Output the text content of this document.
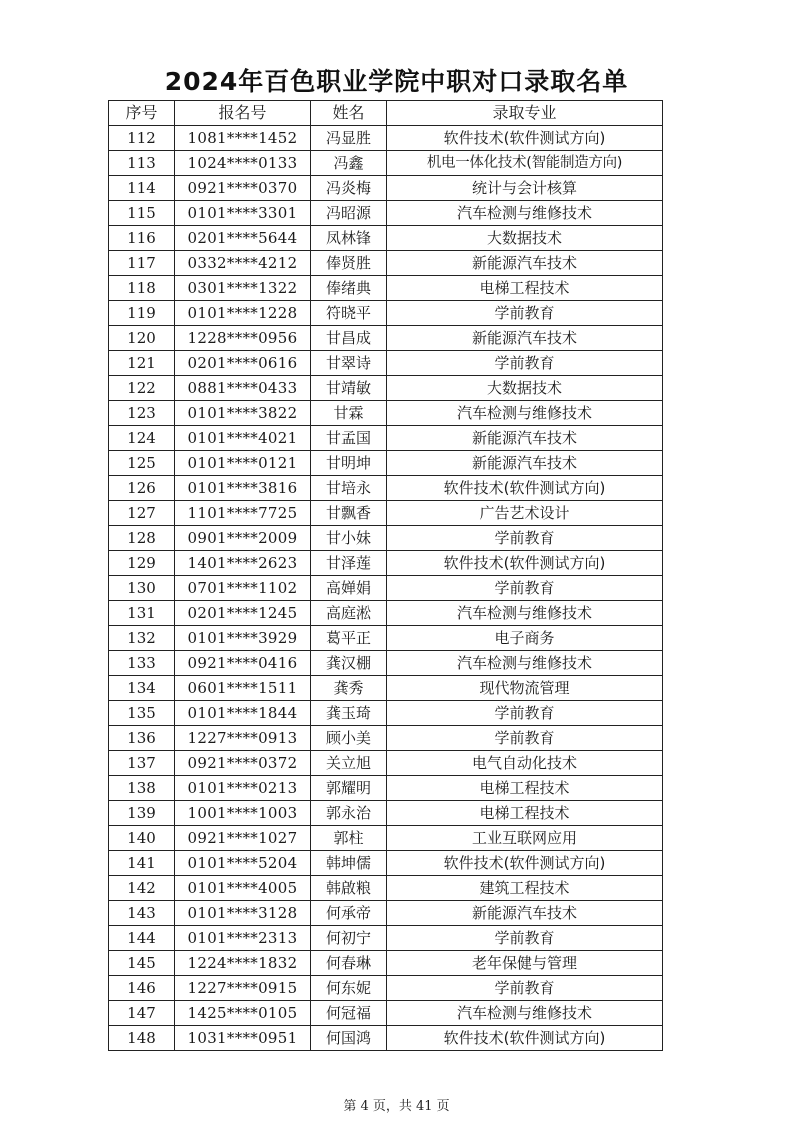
2024年百色职业学院中职对口录取名单
序号	报名号	姓名	录取专业
112	1081****1452	冯显胜	软件技术(软件测试方向)
113	1024****0133	冯鑫	机电一体化技术(智能制造方向)
114	0921****0370	冯炎梅	统计与会计核算
115	0101****3301	冯昭源	汽车检测与维修技术
116	0201****5644	凤林锋	大数据技术
117	0332****4212	俸贤胜	新能源汽车技术
118	0301****1322	俸绪典	电梯工程技术
119	0101****1228	符晓平	学前教育
120	1228****0956	甘昌成	新能源汽车技术
121	0201****0616	甘翠诗	学前教育
122	0881****0433	甘靖敏	大数据技术
123	0101****3822	甘霖	汽车检测与维修技术
124	0101****4021	甘孟国	新能源汽车技术
125	0101****0121	甘明坤	新能源汽车技术
126	0101****3816	甘培永	软件技术(软件测试方向)
127	1101****7725	甘飘香	广告艺术设计
128	0901****2009	甘小妹	学前教育
129	1401****2623	甘泽莲	软件技术(软件测试方向)
130	0701****1102	高婵娟	学前教育
131	0201****1245	高庭淞	汽车检测与维修技术
132	0101****3929	葛平正	电子商务
133	0921****0416	龚汉棚	汽车检测与维修技术
134	0601****1511	龚秀	现代物流管理
135	0101****1844	龚玉琦	学前教育
136	1227****0913	顾小美	学前教育
137	0921****0372	关立旭	电气自动化技术
138	0101****0213	郭耀明	电梯工程技术
139	1001****1003	郭永治	电梯工程技术
140	0921****1027	郭柱	工业互联网应用
141	0101****5204	韩坤儒	软件技术(软件测试方向)
142	0101****4005	韩啟粮	建筑工程技术
143	0101****3128	何承帝	新能源汽车技术
144	0101****2313	何初宁	学前教育
145	1224****1832	何春琳	老年保健与管理
146	1227****0915	何东妮	学前教育
147	1425****0105	何冠福	汽车检测与维修技术
148	1031****0951	何国鸿	软件技术(软件测试方向)
第 4 页，共 41 页
